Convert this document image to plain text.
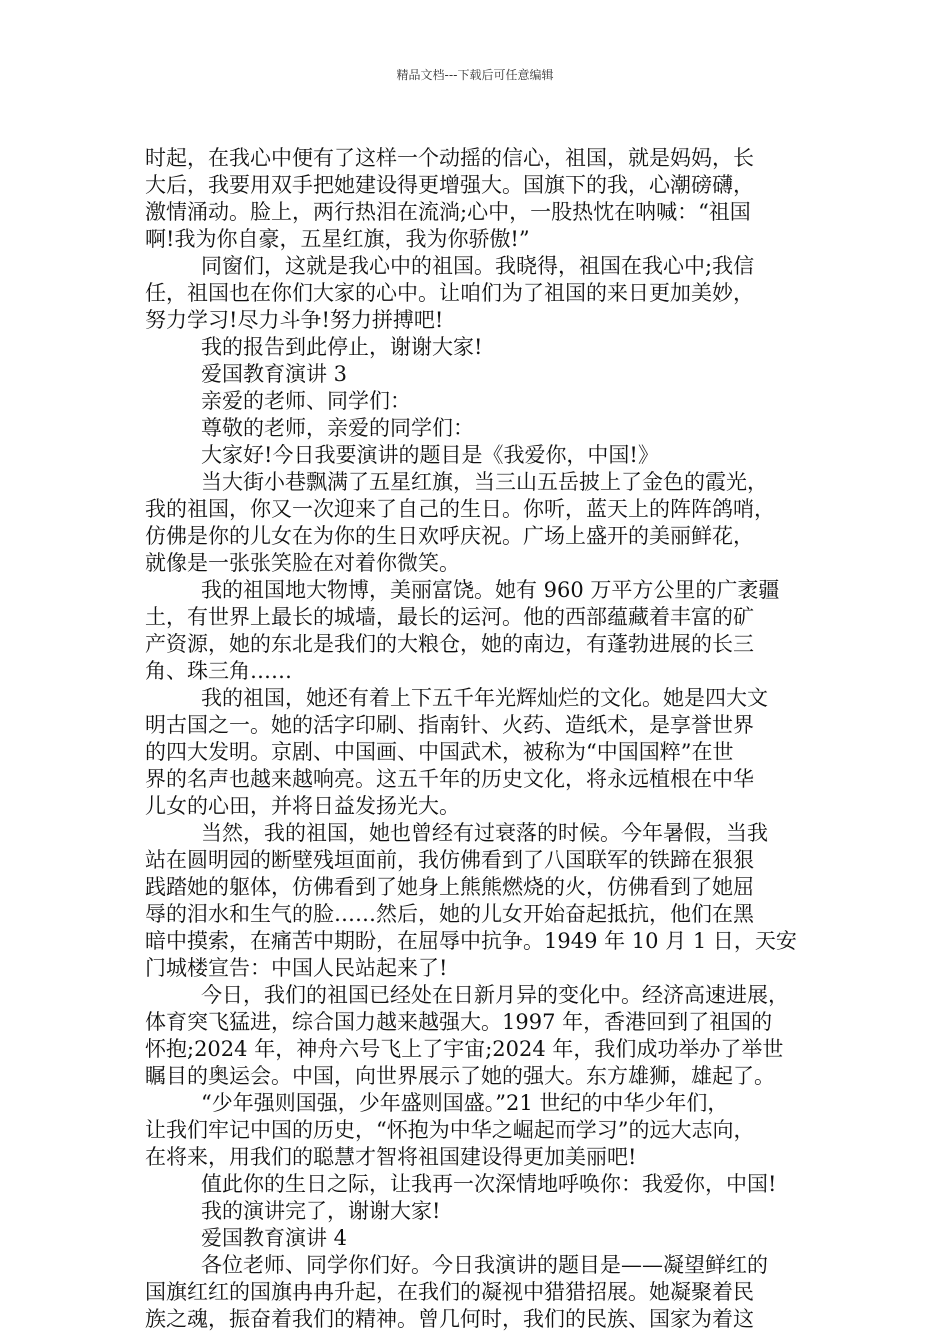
精品文档---下载后可任意编辑
时起，在我心中便有了这样一个动摇的信心，祖国，就是妈妈，长
大后，我要用双手把她建设得更增强大。国旗下的我，心潮磅礴，
激情涌动。脸上，两行热泪在流淌;心中，一股热忱在呐喊：“祖国
啊!我为你自豪，五星红旗，我为你骄傲!”
同窗们，这就是我心中的祖国。我晓得，祖国在我心中;我信
任，祖国也在你们大家的心中。让咱们为了祖国的来日更加美妙，
努力学习!尽力斗争!努力拼搏吧!
我的报告到此停止，谢谢大家!
爱国教育演讲 3
亲爱的老师、同学们：
尊敬的老师，亲爱的同学们：
大家好!今日我要演讲的题目是《我爱你，中国!》
当大街小巷飘满了五星红旗，当三山五岳披上了金色的霞光，
我的祖国，你又一次迎来了自己的生日。你听，蓝天上的阵阵鸽哨，
仿佛是你的儿女在为你的生日欢呼庆祝。广场上盛开的美丽鲜花，
就像是一张张笑脸在对着你微笑。
我的祖国地大物博，美丽富饶。她有 960 万平方公里的广袤疆
土，有世界上最长的城墙，最长的运河。他的西部蕴藏着丰富的矿
产资源，她的东北是我们的大粮仓，她的南边，有蓬勃进展的长三
角、珠三角……
我的祖国，她还有着上下五千年光辉灿烂的文化。她是四大文
明古国之一。她的活字印刷、指南针、火药、造纸术，是享誉世界
的四大发明。京剧、中国画、中国武术，被称为“中国国粹”在世
界的名声也越来越响亮。这五千年的历史文化，将永远植根在中华
儿女的心田，并将日益发扬光大。
当然，我的祖国，她也曾经有过衰落的时候。今年暑假，当我
站在圆明园的断壁残垣面前，我仿佛看到了八国联军的铁蹄在狠狠
践踏她的躯体，仿佛看到了她身上熊熊燃烧的火，仿佛看到了她屈
辱的泪水和生气的脸……然后，她的儿女开始奋起抵抗，他们在黑
暗中摸索，在痛苦中期盼，在屈辱中抗争。1949 年 10 月 1 日，天安
门城楼宣告：中国人民站起来了!
今日，我们的祖国已经处在日新月异的变化中。经济高速进展，
体育突飞猛进，综合国力越来越强大。1997 年，香港回到了祖国的
怀抱;2024 年，神舟六号飞上了宇宙;2024 年，我们成功举办了举世
瞩目的奥运会。中国，向世界展示了她的强大。东方雄狮，雄起了。
“少年强则国强，少年盛则国盛。”21 世纪的中华少年们，
让我们牢记中国的历史，“怀抱为中华之崛起而学习”的远大志向，
在将来，用我们的聪慧才智将祖国建设得更加美丽吧!
值此你的生日之际，让我再一次深情地呼唤你：我爱你，中国!
我的演讲完了，谢谢大家!
爱国教育演讲 4
各位老师、同学你们好。今日我演讲的题目是——凝望鲜红的
国旗红红的国旗冉冉升起，在我们的凝视中猎猎招展。她凝聚着民
族之魂，振奋着我们的精神。曾几何时，我们的民族、国家为着这
